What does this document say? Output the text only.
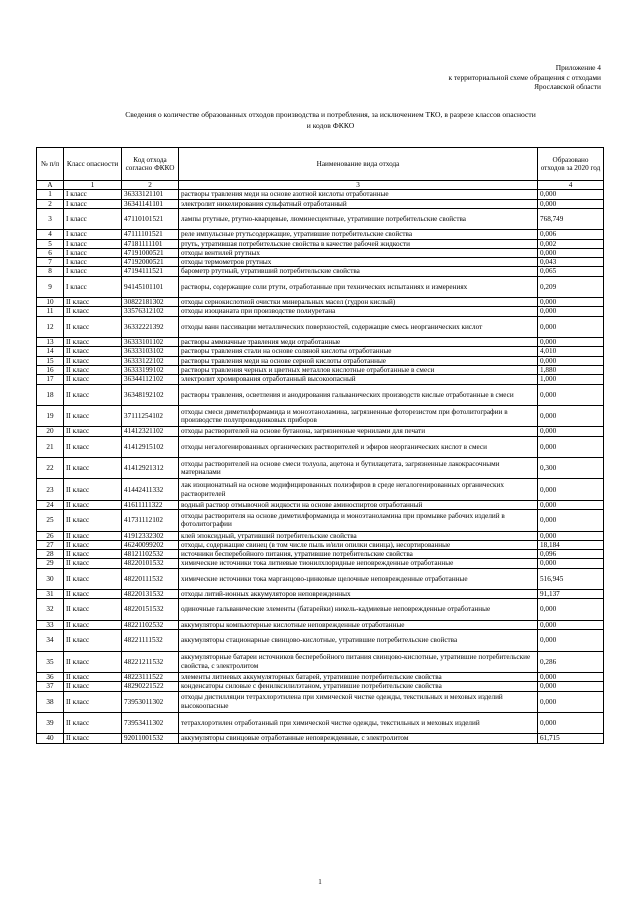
Приложение 4
к территориальной схеме обращения с отходами
Ярославской области
Сведения о количестве образованных отходов производства и потребления, за исключением ТКО, в разрезе классов опасности
и кодов ФККО
№ п/п	Класс опасности	Код отхода согласно ФККО	Наименование вида отхода	Образовано отходов за 2020 год
А	1	2	3	4
1	I класс	36333121101	растворы травления меди на основе азотной кислоты отработанные	0,000
2	I класс	36341141101	электролит никелирования сульфатный отработанный	0,000
3	I класс	47110101521	лампы ртутные, ртутно-кварцевые, люминесцентные, утратившие потребительские свойства	768,749
4	I класс	47111101521	реле импульсные ртутьсодержащие, утратившие потребительские свойства	0,006
5	I класс	47181111101	ртуть, утратившая потребительские свойства в качестве рабочей жидкости	0,002
6	I класс	47191000521	отходы вентилей ртутных	0,000
7	I класс	47192000521	отходы термометров ртутных	0,043
8	I класс	47194111521	барометр ртутный, утративший потребительские свойства	0,065
9	I класс	94145101101	растворы, содержащие соли ртути, отработанные при технических испытаниях и измерениях	0,209
10	II класс	30822181302	отходы сернокислотной очистки минеральных масел (гудрон кислый)	0,000
11	II класс	33576312102	отходы изоцианата при производстве полиуретана	0,000
12	II класс	36332221392	отходы ванн пассивации металлических поверхностей, содержащие смесь неорганических кислот	0,000
13	II класс	36333101102	растворы аммиачные травления меди отработанные	0,000
14	II класс	36333103102	растворы травления стали на основе соляной кислоты отработанные	4,010
15	II класс	36333122102	растворы травления меди на основе серной кислоты отработанные	0,000
16	II класс	36333199102	растворы травления черных и цветных металлов кислотные отработанные в смеси	1,880
17	II класс	36344112102	электролит хромирования отработанный высокоопасный	1,000
18	II класс	36348192102	растворы травления, осветления и анодирования гальванических производств кислые отработанные в смеси	0,000
19	II класс	37111254102	отходы смеси диметилформамида и моноэтаноламина, загрязненные фоторезистом при фотолитографии в производстве полупроводниковых приборов	0,000
20	II класс	41412321102	отходы растворителей на основе бутанона, загрязненные чернилами для печати	0,000
21	II класс	41412915102	отходы негалогенированных органических растворителей и эфиров неорганических кислот в смеси	0,000
22	II класс	41412921312	отходы растворителей на основе смеси толуола, ацетона и бутилацетата, загрязненные лакокрасочными материалами	0,300
23	II класс	41442411332	лак изоционатный на основе модифицированных полиэфиров в среде негалогенированных органических растворителей	0,000
24	II класс	41611111322	водный раствор отмывочной жидкости на основе аминоспиртов отработанный	0,000
25	II класс	41731112102	отходы растворителя на основе диметилформамида и моноэтаноламина при промывке рабочих изделий в фотолитографии	0,000
26	II класс	41912332302	клей эпоксидный, утративший потребительские свойства	0,000
27	II класс	46240099202	отходы, содержащие свинец (в том числе пыль и/или опилки свинца), несортированные	18,184
28	II класс	48121102532	источники бесперебойного питания, утратившие потребительские свойства	0,096
29	II класс	48220101532	химические источники тока литиевые тионилхлоридные неповрежденные отработанные	0,000
30	II класс	48220111532	химические источники тока марганцово-цинковые щелочные неповрежденные отработанные	516,945
31	II класс	48220131532	отходы литий-ионных аккумуляторов неповрежденных	91,137
32	II класс	48220151532	одиночные гальванические элементы (батарейки) никель-кадмиевые неповрежденные отработанные	0,000
33	II класс	48221102532	аккумуляторы компьютерные кислотные неповрежденные отработанные	0,000
34	II класс	48221111532	аккумуляторы стационарные свинцово-кислотные, утратившие потребительские свойства	0,000
35	II класс	48221211532	аккумуляторные батареи источников бесперебойного питания свинцово-кислотные, утратившие потребительские свойства, с электролитом	0,286
36	II класс	48223111522	элементы литиевых аккумуляторных батарей, утратившие потребительские свойства	0,000
37	II класс	48290221522	конденсаторы силовые с фенилксилилэтаном, утратившие потребительские свойства	0,000
38	II класс	73953011302	отходы дистилляции тетрахлорэтилена при химической чистке одежды, текстильных и меховых изделий высокоопасные	0,000
39	II класс	73953411302	тетрахлорэтилен отработанный при химической чистке одежды, текстильных и меховых изделий	0,000
40	II класс	92011001532	аккумуляторы свинцовые отработанные неповрежденные, с электролитом	61,715
1
